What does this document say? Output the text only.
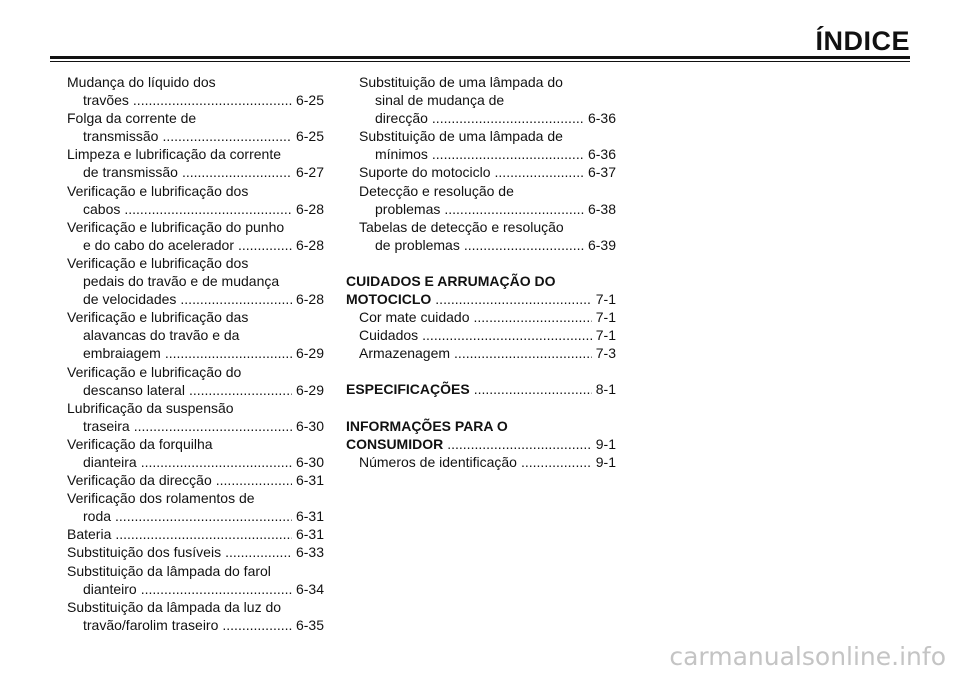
ÍNDICE
Mudança do líquido dos
travões .....	6-25
Folga da corrente de
transmissão .....	6-25
Limpeza e lubrificação da corrente
de transmissão .....	6-27
Verificação e lubrificação dos
cabos .....	6-28
Verificação e lubrificação do punho
e do cabo do acelerador .....	6-28
Verificação e lubrificação dos
pedais do travão e de mudança
de velocidades .....	6-28
Verificação e lubrificação das
alavancas do travão e da
embraiagem .....	6-29
Verificação e lubrificação do
descanso lateral .....	6-29
Lubrificação da suspensão
traseira .....	6-30
Verificação da forquilha
dianteira .....	6-30
Verificação da direcção .....	6-31
Verificação dos rolamentos de
roda .....	6-31
Bateria .....	6-31
Substituição dos fusíveis .....	6-33
Substituição da lâmpada do farol
dianteiro .....	6-34
Substituição da lâmpada da luz do
travão/farolim traseiro .....	6-35
Substituição de uma lâmpada do
sinal de mudança de
direcção .....	6-36
Substituição de uma lâmpada de
mínimos .....	6-36
Suporte do motociclo .....	6-37
Detecção e resolução de
problemas .....	6-38
Tabelas de detecção e resolução
de problemas .....	6-39
CUIDADOS E ARRUMAÇÃO DO
MOTOCICLO .....	7-1
Cor mate cuidado .....	7-1
Cuidados .....	7-1
Armazenagem .....	7-3
ESPECIFICAÇÕES .....	8-1
INFORMAÇÕES PARA O
CONSUMIDOR .....	9-1
Números de identificação .....	9-1
carmanualsonline.info
